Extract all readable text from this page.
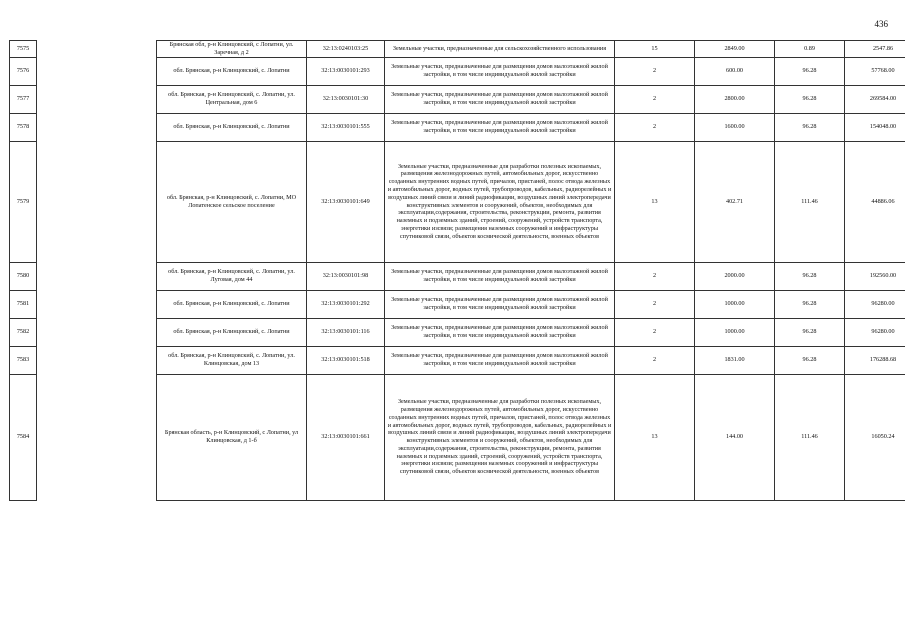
436
7575		Брянская обл, р-н Клинцовский, с Лопатни, ул. Заречная, д 2	32:13:0240103:25	Земельные участки, предназначенные для сельскохозяйственного использования	15	2849.00	0.89	2547.86
7576		обл. Брянская, р-н Клинцовский, с. Лопатни	32:13:0030101:293	Земельные участки, предназначенные для размещения домов малоэтажной жилой застройки, в том числе индивидуальной жилой застройки	2	600.00	96.28	57768.00
7577		обл. Брянская, р-н Клинцовский, с. Лопатни, ул. Центральная, дом 6	32:13:0030101:30	Земельные участки, предназначенные для размещения домов малоэтажной жилой застройки, в том числе индивидуальной жилой застройки	2	2800.00	96.28	269584.00
7578		обл. Брянская, р-н Клинцовский, с. Лопатни	32:13:0030101:555	Земельные участки, предназначенные для размещения домов малоэтажной жилой застройки, в том числе индивидуальной жилой застройки	2	1600.00	96.28	154048.00
7579		обл. Брянская, р-н Клинцовский, с. Лопатни, МО Лопатенское сельское поселение	32:13:0030101:649	Земельные участки, предназначенные для разработки полезных ископаемых, размещения железнодорожных путей, автомобильных дорог, искусственно созданных внутренних водных путей, причалов, пристаней, полос отвода железных и автомобильных дорог, водных путей, трубопроводов, кабельных, радиорелейных и воздушных линий связи и линий радиофикации, воздушных линий электропередачи конструктивных элементов и сооружений, объектов, необходимых для эксплуатации,содержания, строительства, реконструкции, ремонта, развития наземных и подземных зданий, строений, сооружений, устройств транспорта, энергетики изсвязи; размещения наземных сооружений и инфраструктуры спутниковой связи, объектов космической деятельности, военных объектов	13	402.71	111.46	44886.06
7580		обл. Брянская, р-н Клинцовский, с. Лопатни, ул. Луговая, дом 44	32:13:0030101:98	Земельные участки, предназначенные для размещения домов малоэтажной жилой застройки, в том числе индивидуальной жилой застройки	2	2000.00	96.28	192560.00
7581		обл. Брянская, р-н Клинцовский, с. Лопатни	32:13:0030101:292	Земельные участки, предназначенные для размещения домов малоэтажной жилой застройки, в том числе индивидуальной жилой застройки	2	1000.00	96.28	96280.00
7582		обл. Брянская, р-н Клинцовский, с. Лопатни	32:13:0030101:116	Земельные участки, предназначенные для размещения домов малоэтажной жилой застройки, в том числе индивидуальной жилой застройки	2	1000.00	96.28	96280.00
7583		обл. Брянская, р-н Клинцовский, с. Лопатни, ул. Клинцовская, дом 13	32:13:0030101:518	Земельные участки, предназначенные для размещения домов малоэтажной жилой застройки, в том числе индивидуальной жилой застройки	2	1831.00	96.28	176288.68
7584		Брянская область, р-н Клинцовский, с Лопатни, ул Клинцовская, д 1-б	32:13:0030101:661	Земельные участки, предназначенные для разработки полезных ископаемых, размещения железнодорожных путей, автомобильных дорог, искусственно созданных внутренних водных путей, причалов, пристаней, полос отвода железных и автомобильных дорог, водных путей, трубопроводов, кабельных, радиорелейных и воздушных линий связи и линий радиофикации, воздушных линий электропередачи конструктивных элементов и сооружений, объектов, необходимых для эксплуатации,содержания, строительства, реконструкции, ремонта, развития наземных и подземных зданий, строений, сооружений, устройств транспорта, энергетики изсвязи; размещения наземных сооружений и инфраструктуры спутниковой связи, объектов космической деятельности, военных объектов	13	144.00	111.46	16050.24
